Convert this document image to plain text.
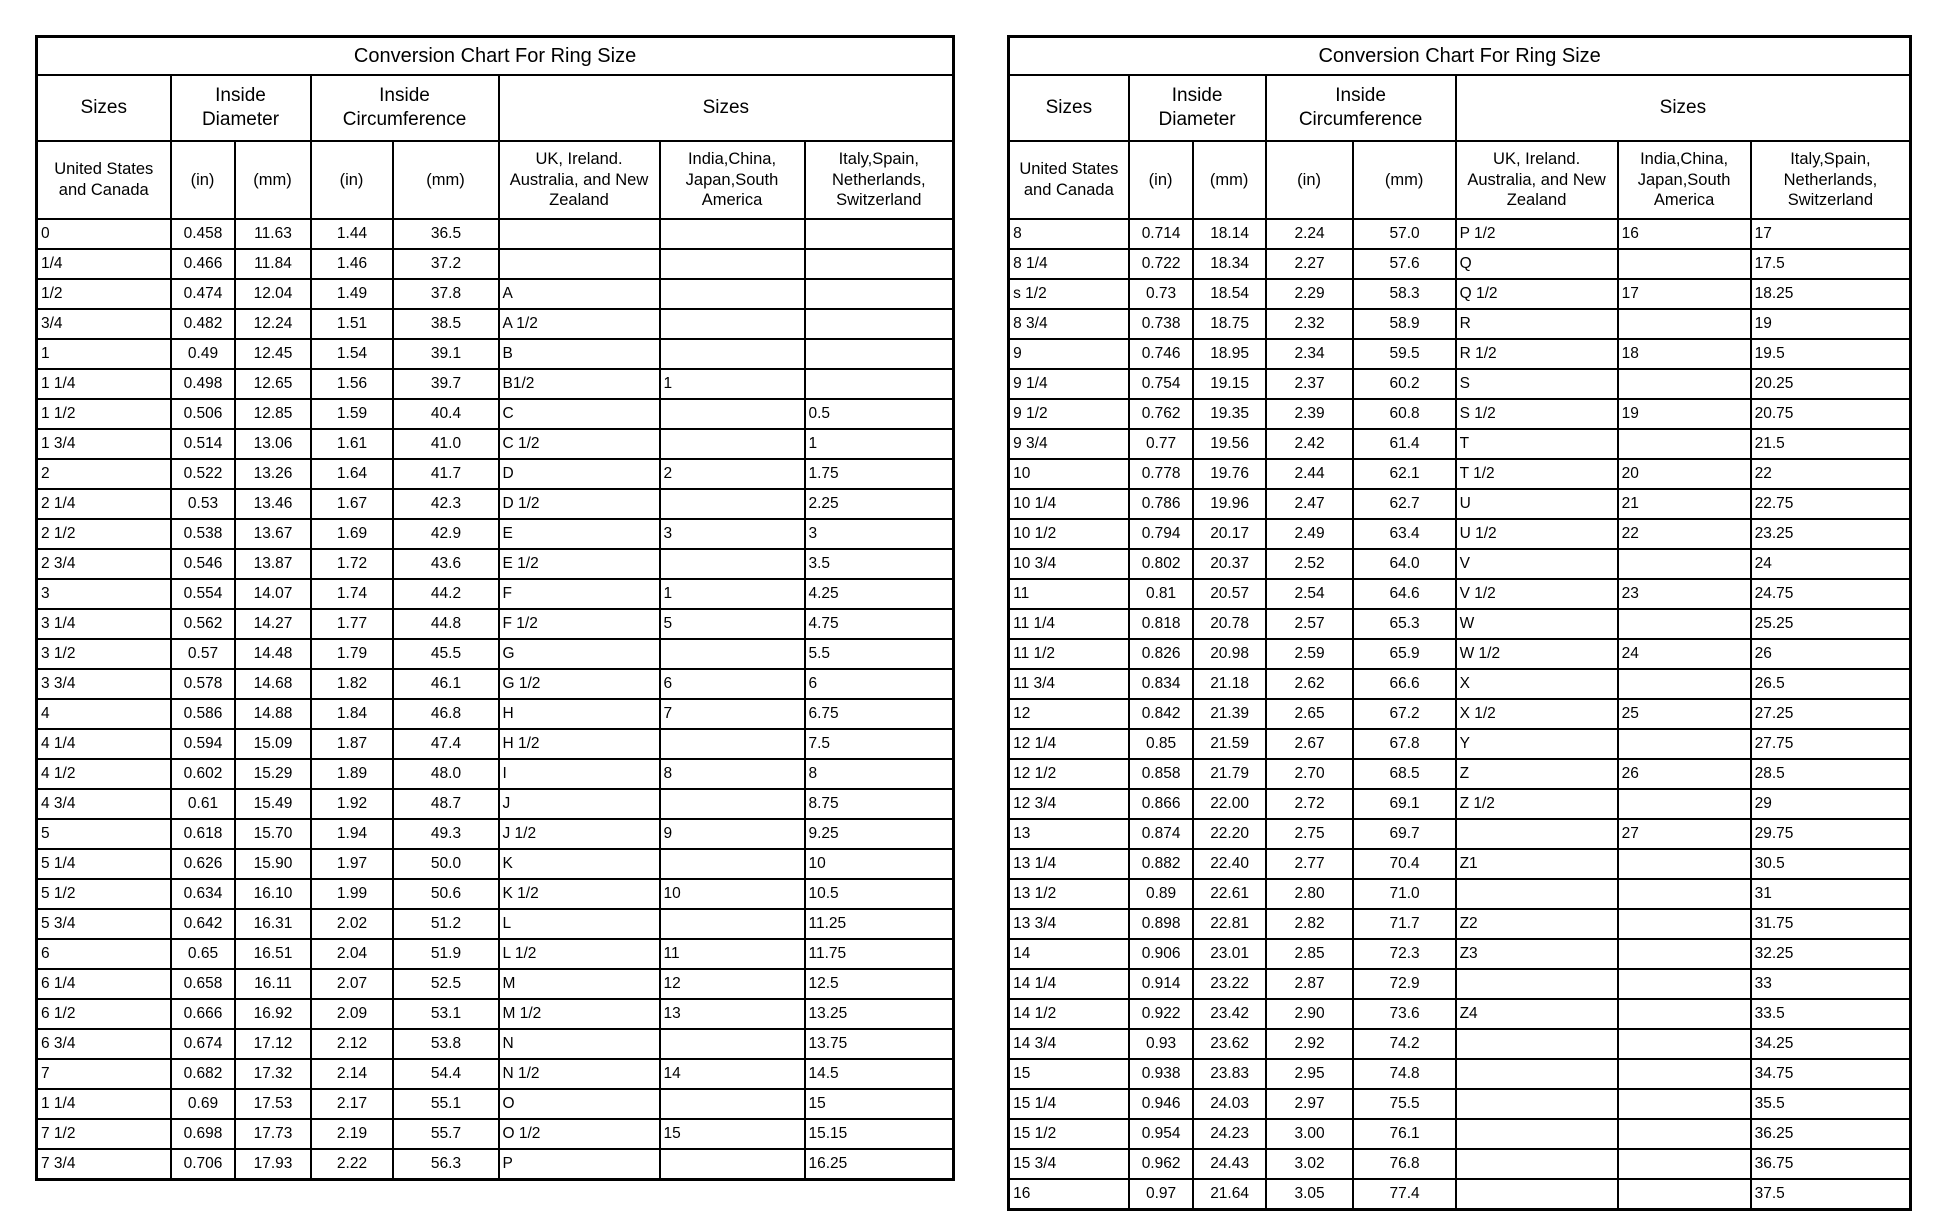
Conversion Chart For Ring Size							
Sizes	Inside Diameter		Inside Circumference		Sizes		
United States and Canada	(in)	(mm)	(in)	(mm)	UK, Ireland. Australia, and New Zealand	India,China, Japan,South America	Italy,Spain, Netherlands, Switzerland
0	0.458	11.63	1.44	36.5			
1/4	0.466	11.84	1.46	37.2			
1/2	0.474	12.04	1.49	37.8	A		
3/4	0.482	12.24	1.51	38.5	A 1/2		
1	0.49	12.45	1.54	39.1	B		
1 1/4	0.498	12.65	1.56	39.7	B1/2	1	
1 1/2	0.506	12.85	1.59	40.4	C		0.5
1 3/4	0.514	13.06	1.61	41.0	C 1/2		1
2	0.522	13.26	1.64	41.7	D	2	1.75
2 1/4	0.53	13.46	1.67	42.3	D 1/2		2.25
2 1/2	0.538	13.67	1.69	42.9	E	3	3
2 3/4	0.546	13.87	1.72	43.6	E 1/2		3.5
3	0.554	14.07	1.74	44.2	F	1	4.25
3 1/4	0.562	14.27	1.77	44.8	F 1/2	5	4.75
3 1/2	0.57	14.48	1.79	45.5	G		5.5
3 3/4	0.578	14.68	1.82	46.1	G 1/2	6	6
4	0.586	14.88	1.84	46.8	H	7	6.75
4 1/4	0.594	15.09	1.87	47.4	H 1/2		7.5
4 1/2	0.602	15.29	1.89	48.0	I	8	8
4 3/4	0.61	15.49	1.92	48.7	J		8.75
5	0.618	15.70	1.94	49.3	J 1/2	9	9.25
5 1/4	0.626	15.90	1.97	50.0	K		10
5 1/2	0.634	16.10	1.99	50.6	K 1/2	10	10.5
5 3/4	0.642	16.31	2.02	51.2	L		11.25
6	0.65	16.51	2.04	51.9	L 1/2	11	11.75
6 1/4	0.658	16.11	2.07	52.5	M	12	12.5
6 1/2	0.666	16.92	2.09	53.1	M 1/2	13	13.25
6 3/4	0.674	17.12	2.12	53.8	N		13.75
7	0.682	17.32	2.14	54.4	N 1/2	14	14.5
1 1/4	0.69	17.53	2.17	55.1	O		15
7 1/2	0.698	17.73	2.19	55.7	O 1/2	15	15.15
7 3/4	0.706	17.93	2.22	56.3	P		16.25
Conversion Chart For Ring Size							
Sizes	Inside Diameter		Inside Circumference		Sizes		
United States and Canada	(in)	(mm)	(in)	(mm)	UK, Ireland. Australia, and New Zealand	India,China, Japan,South America	Italy,Spain, Netherlands, Switzerland
8	0.714	18.14	2.24	57.0	P 1/2	16	17
8 1/4	0.722	18.34	2.27	57.6	Q		17.5
s 1/2	0.73	18.54	2.29	58.3	Q 1/2	17	18.25
8 3/4	0.738	18.75	2.32	58.9	R		19
9	0.746	18.95	2.34	59.5	R 1/2	18	19.5
9 1/4	0.754	19.15	2.37	60.2	S		20.25
9 1/2	0.762	19.35	2.39	60.8	S 1/2	19	20.75
9 3/4	0.77	19.56	2.42	61.4	T		21.5
10	0.778	19.76	2.44	62.1	T 1/2	20	22
10 1/4	0.786	19.96	2.47	62.7	U	21	22.75
10 1/2	0.794	20.17	2.49	63.4	U 1/2	22	23.25
10 3/4	0.802	20.37	2.52	64.0	V		24
11	0.81	20.57	2.54	64.6	V 1/2	23	24.75
11 1/4	0.818	20.78	2.57	65.3	W		25.25
11 1/2	0.826	20.98	2.59	65.9	W 1/2	24	26
11 3/4	0.834	21.18	2.62	66.6	X		26.5
12	0.842	21.39	2.65	67.2	X 1/2	25	27.25
12 1/4	0.85	21.59	2.67	67.8	Y		27.75
12 1/2	0.858	21.79	2.70	68.5	Z	26	28.5
12 3/4	0.866	22.00	2.72	69.1	Z 1/2		29
13	0.874	22.20	2.75	69.7		27	29.75
13 1/4	0.882	22.40	2.77	70.4	Z1		30.5
13 1/2	0.89	22.61	2.80	71.0			31
13 3/4	0.898	22.81	2.82	71.7	Z2		31.75
14	0.906	23.01	2.85	72.3	Z3		32.25
14 1/4	0.914	23.22	2.87	72.9			33
14 1/2	0.922	23.42	2.90	73.6	Z4		33.5
14 3/4	0.93	23.62	2.92	74.2			34.25
15	0.938	23.83	2.95	74.8			34.75
15 1/4	0.946	24.03	2.97	75.5			35.5
15 1/2	0.954	24.23	3.00	76.1			36.25
15 3/4	0.962	24.43	3.02	76.8			36.75
16	0.97	21.64	3.05	77.4			37.5
